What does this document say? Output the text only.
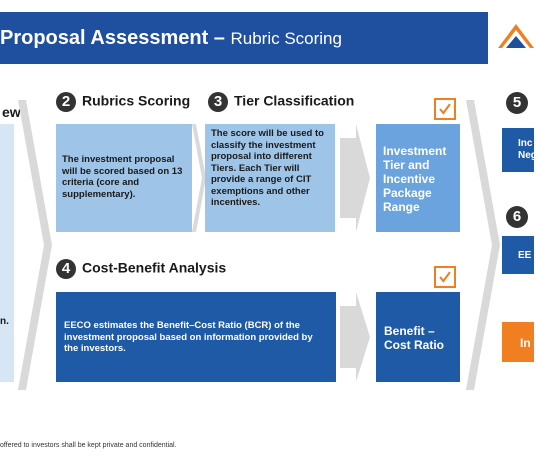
Proposal Assessment – Rubric Scoring
ew
n.
2 Rubrics Scoring
The investment proposal will be scored based on 13 criteria (core and supplementary).
3 Tier Classification
The score will be used to classify the investment proposal into different Tiers. Each Tier will provide a range of CIT exemptions and other incentives.
Investment Tier and Incentive Package Range
4 Cost-Benefit Analysis
EECO estimates the Benefit–Cost Ratio (BCR) of the investment proposal based on information provided by the investors.
Benefit – Cost Ratio
5
Inc
Neg
6
EE
In
offered to investors shall be kept private and confidential.
